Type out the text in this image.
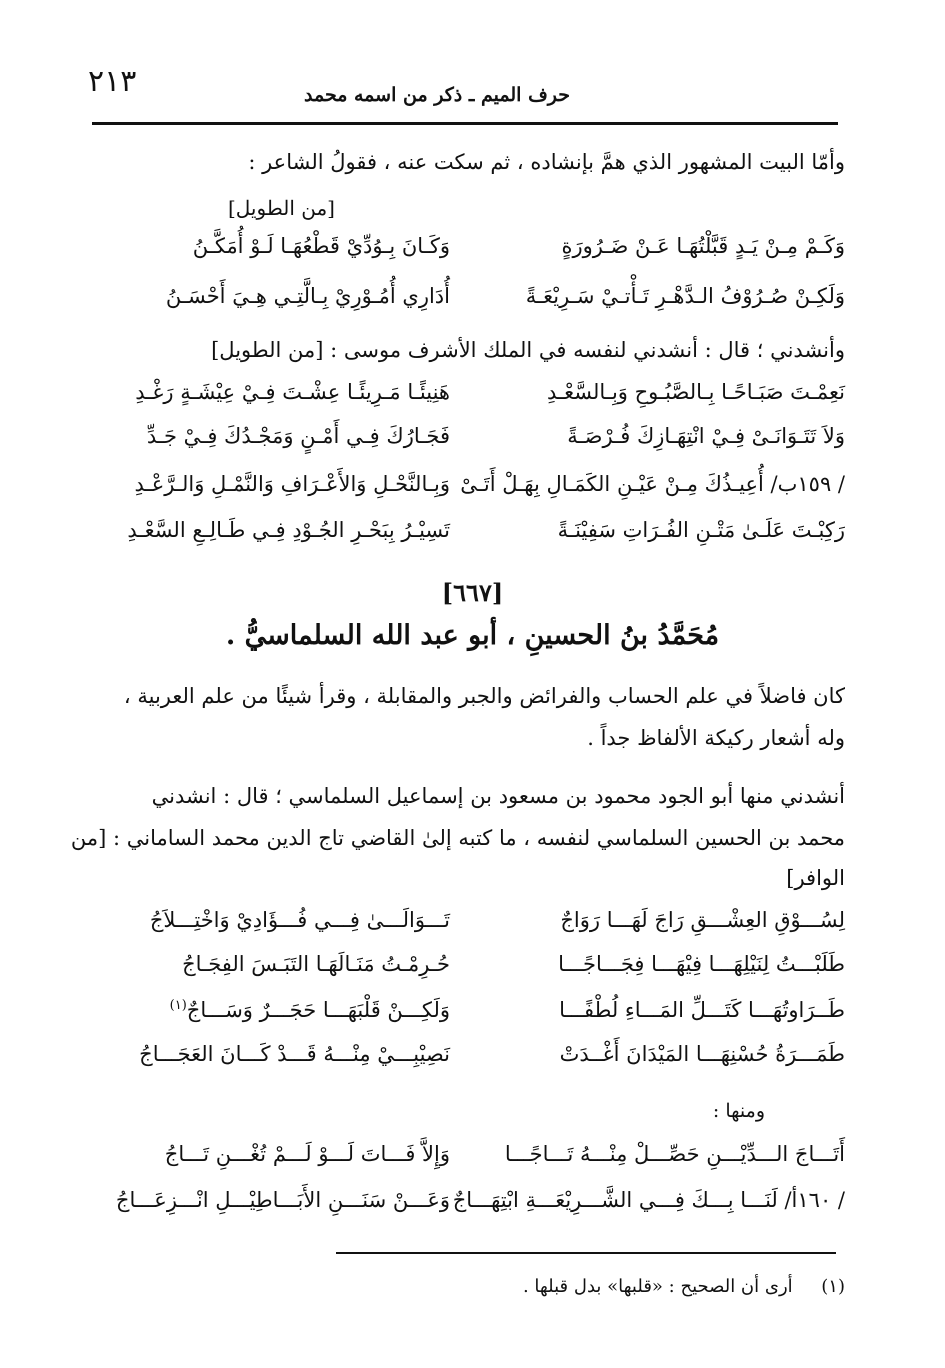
٢١٣	حرف الميم ـ ذكر من اسمه محمد
وأمّا البيت المشهور الذي همَّ بإنشاده ، ثم سكت عنه ، فقولُ الشاعر :
[من الطويل]
وَكَـمْ مِـنْ يَـدٍ قَبَّلْتُهَـا عَـنْ ضَـرُورَةٍ
وَكَـانَ بِـوُدِّيْ قَطْعُهَـا لَـوْ أُمَكَّـنُ
وَلَكِـنْ صُـرُوْفُ الـدَّهْـرِ تَـأْتـيْ سَـرِيْعَـةً
أُدَارِي أُمُـوْرِيْ بِـالَّتِـي هِـيَ أَحْسَـنُ
وأنشدني ؛ قال : أنشدني لنفسه في الملك الأشرف موسى : [من الطويل]
نَعِمْـتَ صَبَـاحًـا بِـالصَّبُـوحِ وَبِـالسَّعْـدِ
هَنِيئًـا مَـرِيئًـا عِشْـتَ فِـيْ عِيْشَـةٍ رَغْـدِ
وَلاَ تَتَـوَانَـىْ فِـيْ انْتِهَـازِكَ فُـرْصَـةً
فَجَـارُكَ فِـي أَمْـنٍ وَمَجْـدُكَ فِـيْ جَـدِّ
/ ١٥٩ب/ أُعِيـذُكَ مِـنْ عَيْـنِ الكَمَـالِ بِهَـلْ أَتَـىْ
وَبِـالنَّحْـلِ وَالأَعْـرَافِ وَالنَّمْـلِ وَالـرَّعْـدِ
رَكِبْـتَ عَلَـىٰ مَتْـنِ الفُـرَاتِ سَفِيْنَـةً
تَسِيْـرُ بِبَحْـرِ الجُـوْدِ فِـي طَـالِـعِ السَّعْـدِ
[٦٦٧]
مُحَمَّدُ بنُ الحسينِ ، أبو عبد الله السلماسيُّ .
كان فاضلاً في علم الحساب والفرائض والجبر والمقابلة ، وقرأ شيئًا من علم العربية ،
وله أشعار ركيكة الألفاظ جداً .
أنشدني منها أبو الجود محمود بن مسعود بن إسماعيل السلماسي ؛ قال : انشدني
محمد بن الحسين السلماسي لنفسه ، ما كتبه إلىٰ القاضي تاج الدين محمد الساماني : [من
الوافر]
لِسُـــوْقِ العِشْـــقِ رَاجَ لَهَـــا رَوَاجٌ
تَـــوَالَـــىٰ فِـــي فُـــؤَادِيْ وَاخْتِـــلاَجُ
طَلَبْـــتُ لِنَيْلِهَـــا فِيْهَـــا فِجَـــاجًـــا
حُـرِمْـتُ مَنَـالَهَـا التَبَـسَ الفِجَـاجُ
طَــرَاوتُهَـــا كَتَـــلِّ المَـــاءِ لُطْفًـــا
وَلَكِـــنْ قَلْبَهَـــا حَجَـــرٌ وَسَـــاجٌ$^{(١)}$
طَمَـــرَةُ حُسْنِهَـــا المَيْدَانَ أَغْــدَتْ
نَصِيْبِـــيْ مِنْـــهُ قَـــدْ كَـــانَ العَجَـــاجُ
ومنها :
أَتَـــاجَ الـــدِّيْـــنِ حَصِّـــلْ مِنْـــهُ تَـــاجًـــا
وَإِلاَّ فَـــاتَ لَـــوْ لَـــمْ تُغْـــنِ تَـــاجُ
/ ١٦٠أ/ لَنَـــا بِـــكَ فِـــي الشَّـــرِيْعَـــةِ ابْتِهَـــاجٌ
وَعَـــنْ سَنَـــنِ الأَبَـــاطِيْـــلِ انْـــزِعَـــاجُ
(١)     أرى أن الصحيح : «قلبها» بدل قبلها .
